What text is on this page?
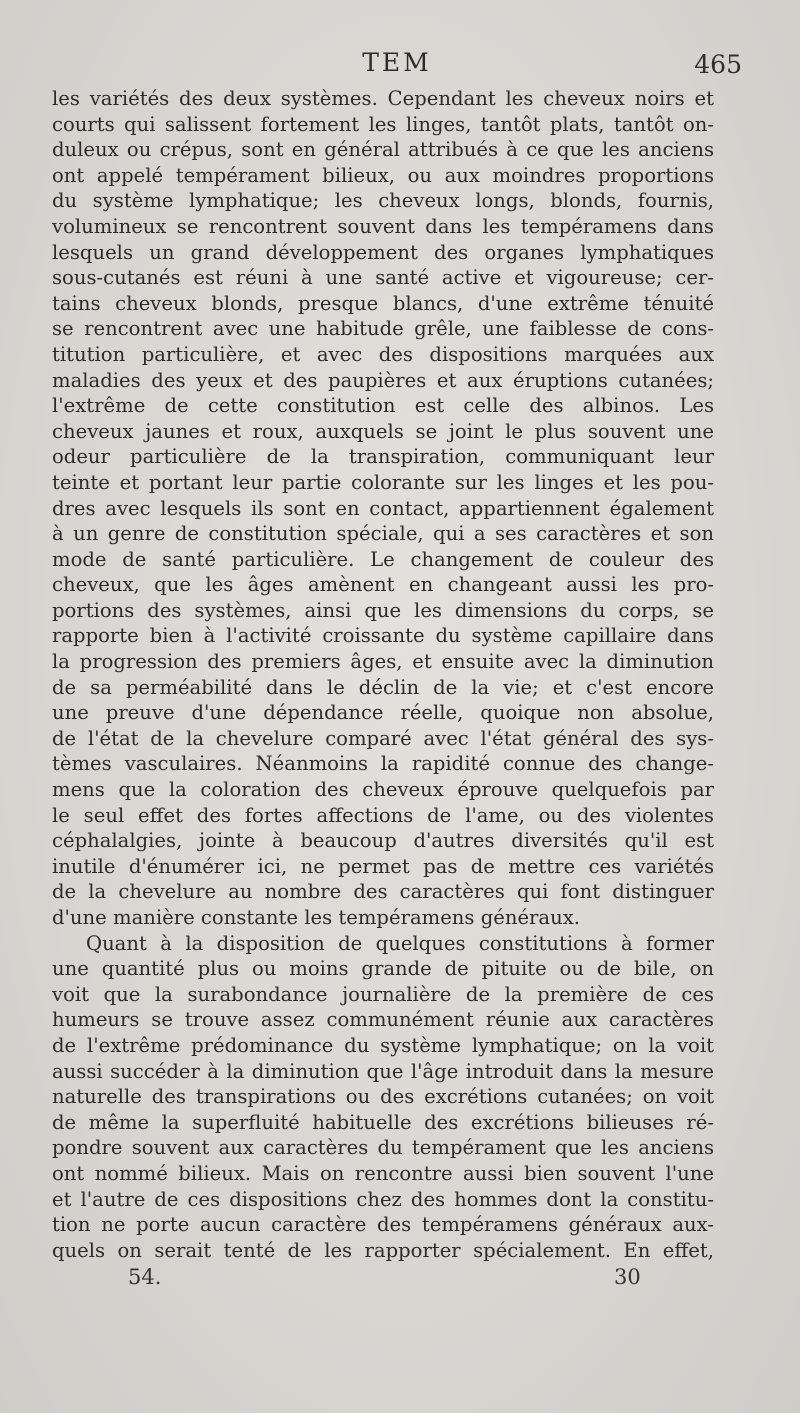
TEM	465
les variétés des deux systèmes. Cependant les cheveux noirs et
courts qui salissent fortement les linges, tantôt plats, tantôt on-
duleux ou crépus, sont en général attribués à ce que les anciens
ont appelé tempérament bilieux, ou aux moindres proportions
du système lymphatique; les cheveux longs, blonds, fournis,
volumineux se rencontrent souvent dans les tempéramens dans
lesquels un grand développement des organes lymphatiques
sous-cutanés est réuni à une santé active et vigoureuse; cer-
tains cheveux blonds, presque blancs, d'une extrême ténuité
se rencontrent avec une habitude grêle, une faiblesse de cons-
titution particulière, et avec des dispositions marquées aux
maladies des yeux et des paupières et aux éruptions cutanées;
l'extrême de cette constitution est celle des albinos. Les
cheveux jaunes et roux, auxquels se joint le plus souvent une
odeur particulière de la transpiration, communiquant leur
teinte et portant leur partie colorante sur les linges et les pou-
dres avec lesquels ils sont en contact, appartiennent également
à un genre de constitution spéciale, qui a ses caractères et son
mode de santé particulière. Le changement de couleur des
cheveux, que les âges amènent en changeant aussi les pro-
portions des systèmes, ainsi que les dimensions du corps, se
rapporte bien à l'activité croissante du système capillaire dans
la progression des premiers âges, et ensuite avec la diminution
de sa perméabilité dans le déclin de la vie; et c'est encore
une preuve d'une dépendance réelle, quoique non absolue,
de l'état de la chevelure comparé avec l'état général des sys-
tèmes vasculaires. Néanmoins la rapidité connue des change-
mens que la coloration des cheveux éprouve quelquefois par
le seul effet des fortes affections de l'ame, ou des violentes
céphalalgies, jointe à beaucoup d'autres diversités qu'il est
inutile d'énumérer ici, ne permet pas de mettre ces variétés
de la chevelure au nombre des caractères qui font distinguer
d'une manière constante les tempéramens généraux.
Quant à la disposition de quelques constitutions à former
une quantité plus ou moins grande de pituite ou de bile, on
voit que la surabondance journalière de la première de ces
humeurs se trouve assez communément réunie aux caractères
de l'extrême prédominance du système lymphatique; on la voit
aussi succéder à la diminution que l'âge introduit dans la mesure
naturelle des transpirations ou des excrétions cutanées; on voit
de même la superfluité habituelle des excrétions bilieuses ré-
pondre souvent aux caractères du tempérament que les anciens
ont nommé bilieux. Mais on rencontre aussi bien souvent l'une
et l'autre de ces dispositions chez des hommes dont la constitu-
tion ne porte aucun caractère des tempéramens généraux aux-
quels on serait tenté de les rapporter spécialement. En effet,
54.	30
